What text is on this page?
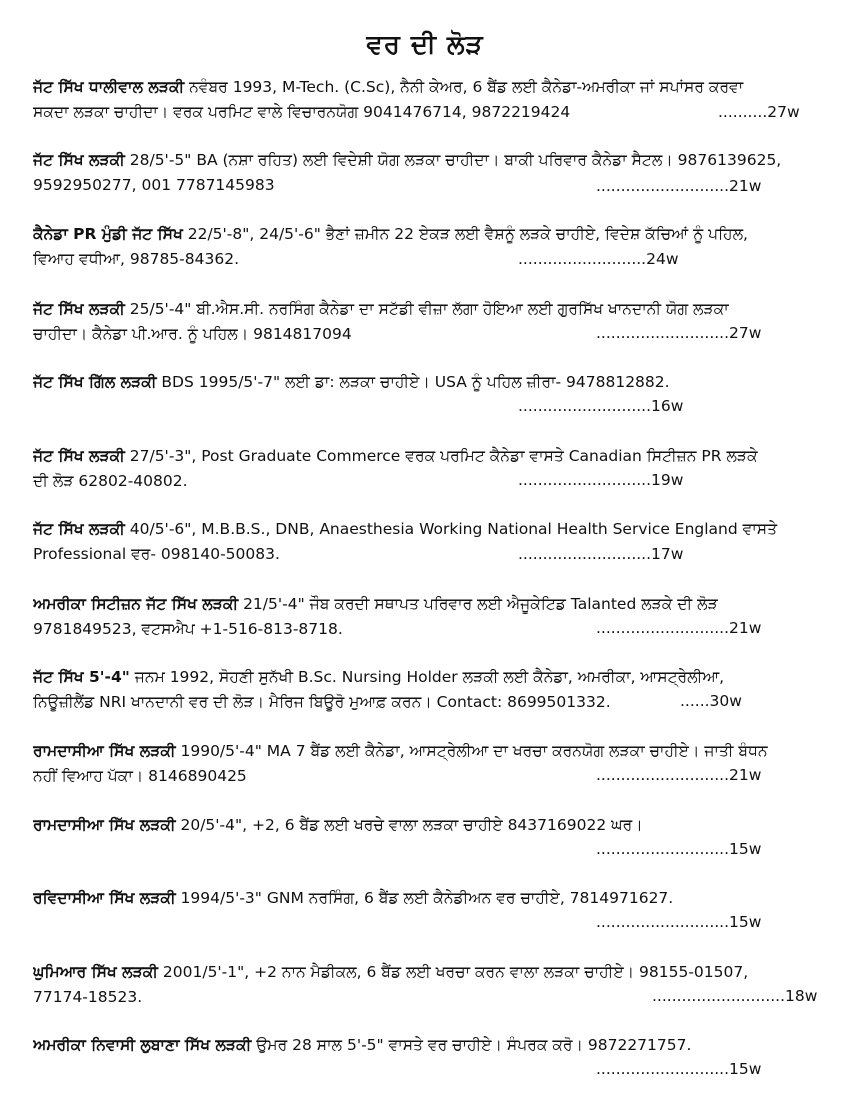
ਵਰ ਦੀ ਲੋੜ
ਜੱਟ ਸਿੱਖ ਧਾਲੀਵਾਲ ਲੜਕੀ ਨਵੰਬਰ 1993, M-Tech. (C.Sc), ਨੈਨੀ ਕੇਅਰ, 6 ਬੈਂਡ ਲਈ ਕੈਨੇਡਾ-ਅਮਰੀਕਾ ਜਾਂ ਸਪਾਂਸਰ ਕਰਵਾ
ਸਕਦਾ ਲੜਕਾ ਚਾਹੀਦਾ। ਵਰਕ ਪਰਮਿਟ ਵਾਲੇ ਵਿਚਾਰਨਯੋਗ 9041476714, 9872219424	..........27w
ਜੱਟ ਸਿੱਖ ਲੜਕੀ 28/5'-5" BA (ਨਸ਼ਾ ਰਹਿਤ) ਲਈ ਵਿਦੇਸ਼ੀ ਯੋਗ ਲੜਕਾ ਚਾਹੀਦਾ। ਬਾਕੀ ਪਰਿਵਾਰ ਕੈਨੇਡਾ ਸੈਟਲ। 9876139625,
9592950277, 001 7787145983	...........................21w
ਕੈਨੇਡਾ PR ਮੁੰਡੀ ਜੱਟ ਸਿੱਖ 22/5'-8", 24/5'-6" ਭੈਣਾਂ ਜ਼ਮੀਨ 22 ਏਕੜ ਲਈ ਵੈਸ਼ਨੂੰ ਲੜਕੇ ਚਾਹੀਏ, ਵਿਦੇਸ਼ ਕੱਚਿਆਂ ਨੂੰ ਪਹਿਲ,
ਵਿਆਹ ਵਧੀਆ, 98785-84362.	..........................24w
ਜੱਟ ਸਿੱਖ ਲੜਕੀ 25/5'-4" ਬੀ.ਐਸ.ਸੀ. ਨਰਸਿੰਗ ਕੈਨੇਡਾ ਦਾ ਸਟੱਡੀ ਵੀਜ਼ਾ ਲੱਗਾ ਹੋਇਆ ਲਈ ਗੁਰਸਿੱਖ ਖਾਨਦਾਨੀ ਯੋਗ ਲੜਕਾ
ਚਾਹੀਦਾ। ਕੈਨੇਡਾ ਪੀ.ਆਰ. ਨੂੰ ਪਹਿਲ। 9814817094	...........................27w
ਜੱਟ ਸਿੱਖ ਗਿੱਲ ਲੜਕੀ BDS 1995/5'-7" ਲਈ ਡਾ: ਲੜਕਾ ਚਾਹੀਏ। USA ਨੂੰ ਪਹਿਲ ਜ਼ੀਰਾ- 9478812882.
...........................16w
ਜੱਟ ਸਿੱਖ ਲੜਕੀ 27/5'-3", Post Graduate Commerce ਵਰਕ ਪਰਮਿਟ ਕੈਨੇਡਾ ਵਾਸਤੇ Canadian ਸਿਟੀਜ਼ਨ PR ਲੜਕੇ
ਦੀ ਲੋੜ 62802-40802.	...........................19w
ਜੱਟ ਸਿੱਖ ਲੜਕੀ 40/5'-6", M.B.B.S., DNB, Anaesthesia Working National Health Service England ਵਾਸਤੇ
Professional ਵਰ- 098140-50083.	...........................17w
ਅਮਰੀਕਾ ਸਿਟੀਜ਼ਨ ਜੱਟ ਸਿੱਖ ਲੜਕੀ 21/5'-4" ਜੌਬ ਕਰਦੀ ਸਥਾਪਤ ਪਰਿਵਾਰ ਲਈ ਐਜੂਕੇਟਿਡ Talanted ਲੜਕੇ ਦੀ ਲੋੜ
9781849523, ਵਟਸਐਪ +1-516-813-8718.	...........................21w
ਜੱਟ ਸਿੱਖ 5'-4" ਜਨਮ 1992, ਸੋਹਣੀ ਸੁਨੱਖੀ B.Sc. Nursing Holder ਲੜਕੀ ਲਈ ਕੈਨੇਡਾ, ਅਮਰੀਕਾ, ਆਸਟ੍ਰੇਲੀਆ,
ਨਿਊਜ਼ੀਲੈਂਡ NRI ਖਾਨਦਾਨੀ ਵਰ ਦੀ ਲੋੜ। ਮੈਰਿਜ ਬਿਊਰੋ ਮੁਆਫ਼ ਕਰਨ। Contact: 8699501332.	......30w
ਰਾਮਦਾਸੀਆ ਸਿੱਖ ਲੜਕੀ 1990/5'-4" MA 7 ਬੈਂਡ ਲਈ ਕੈਨੇਡਾ, ਆਸਟ੍ਰੇਲੀਆ ਦਾ ਖਰਚਾ ਕਰਨਯੋਗ ਲੜਕਾ ਚਾਹੀਏ। ਜਾਤੀ ਬੰਧਨ
ਨਹੀਂ ਵਿਆਹ ਪੱਕਾ। 8146890425	...........................21w
ਰਾਮਦਾਸੀਆ ਸਿੱਖ ਲੜਕੀ 20/5'-4", +2, 6 ਬੈਂਡ ਲਈ ਖਰਚੇ ਵਾਲਾ ਲੜਕਾ ਚਾਹੀਏ 8437169022 ਘਰ।
...........................15w
ਰਵਿਦਾਸੀਆ ਸਿੱਖ ਲੜਕੀ 1994/5'-3" GNM ਨਰਸਿੰਗ, 6 ਬੈਂਡ ਲਈ ਕੈਨੇਡੀਅਨ ਵਰ ਚਾਹੀਏ, 7814971627.
...........................15w
ਘੁਮਿਆਰ ਸਿੱਖ ਲੜਕੀ 2001/5'-1", +2 ਨਾਨ ਮੈਡੀਕਲ, 6 ਬੈਂਡ ਲਈ ਖਰਚਾ ਕਰਨ ਵਾਲਾ ਲੜਕਾ ਚਾਹੀਏ। 98155-01507,
77174-18523.	...........................18w
ਅਮਰੀਕਾ ਨਿਵਾਸੀ ਲੁਬਾਣਾ ਸਿੱਖ ਲੜਕੀ ਉਮਰ 28 ਸਾਲ 5'-5" ਵਾਸਤੇ ਵਰ ਚਾਹੀਏ। ਸੰਪਰਕ ਕਰੋ। 9872271757.
...........................15w
